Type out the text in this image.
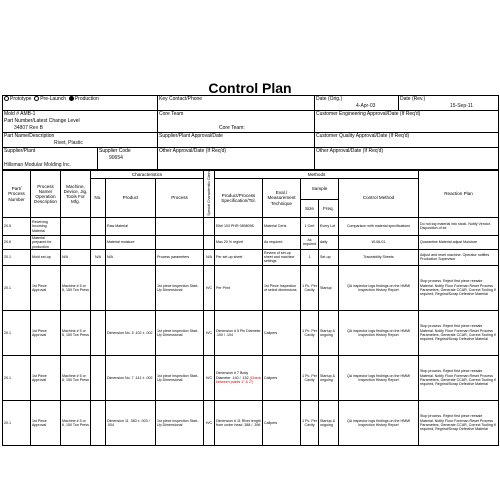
Control Plan
Prototype Pre-Launch Production	Key Contact/Phone	Date (Orig.)
4-Apr-03	Date (Rev.)
15-Sep-11
Mold # AMB-1
Part Number/Latest Change Level
34807 Rev B	Core Team

Core Team:	Customer Engineering Approval/Date (If Req'd)
Part Name/Description
Rivet, Plastic	Supplier/Plant Approval/Date	Customer Quality Approval/Date (If Req'd)

Supplier/Plant

Hillsman Modular Molding Inc.	Supplier Code
90654
	Other Approval/Date (If Req'd)	Other Approval/Date (If Req'd)
Part/ Process Number	Process Name/ Operation Description	Machine, Device, Jig, Tools For Mfg.	Characteristics			Special Characteristic Class	Methods					Reaction Plan
			No.	Product	Process		Product/Process Specification/Tol.	Eval./ Measurement Technique	Sample		Control Method	
									Size	Freq.		
20.5	Receiving Incoming Material			Raw Material			Eitel 103 PHR 0898098	Material Certs	1 Cert	Every Lot	Comparison with material specifications	Do not log material into stock. Notify Vendor, Disposition of lot
20.6	Material prepared for production			Material moisture			Max 20 % reg/rel	As required	As required	daily	W-08-01	Quarantine Material adjust Moisture
20.1	Mold set-up	N/A	N/A	N/A	Process parameters	N/A	Per set-up sheet	Review of set-up sheet and machine settings	1	Set-up	Traceability Sheets	Adjust and reset machine. Operator notifies Production Supervisor
20.1	1st Piece Approval	Machine # 5 or 6, 150 Ton Press			1st piece inspection Start-Up Dimensional	H/C	Per Print	1st Piece Inspection of select dimensions	1 Pc. Per Cavity	Startup	QA inspector logs findings on the HMMI Inspection History Report	Stop process. Reject first piece reesale Material. Notify Floor Foreman Reset Process Parameters, Generate CCAR, Correct Tooling if required, Regrind/Scrap Defective Material
20.1	1st Piece Approval	Machine # 5 or 6, 150 Ton Press		Dimension No. 5 .102 ± .002	1st piece inspection Start-Up Dimensional	H/C	Dimension # 5 Pin Diameter .100 / .104	Calipers	1 Pc. Per Cavity	Startup & ongoing	QA inspector logs findings on the HMMI Inspection History Report	Stop process. Reject first piece reesale Material. Notify Floor Foreman Reset Process Parameters, Generate CCAR, Correct Tooling if required, Regrind/Scrap Defective Material
20.1	1st Piece Approval	Machine # 5 or 6, 150 Ton Press		Dimension No. 7 .141 ± .002	1st piece inspection Start-Up Dimensional	H/C	Dimension # 7 Body Diameter .140 / .152 (Check between points 1" & 2")	Calipers	1 Pc. Per Cavity	Startup & ongoing	QA inspector logs findings on the HMMI Inspection History Report	Stop process. Reject first piece reesale Material. Notify Floor Foreman Reset Process Parameters, Generate CCAR, Correct Tooling if required, Regrind/Scrap Defective Material
20.1	1st Piece Approval	Machine # 5 or 6, 150 Ton Press		Dimension 11 .383 ± .003 / .004	1st piece inspection Start-Up Dimensional	H/C	Dimension # 11 Rivet length from under head .388 / .396	Calipers	1 Pc. Per Cavity	Startup & ongoing	QA inspector logs findings on the HMMI Inspection History Report	Stop process. Reject first piece reesale Material. Notify Floor Foreman Reset Process Parameters, Generate CCAR, Correct Tooling if required, Regrind/Scrap Defective Material
